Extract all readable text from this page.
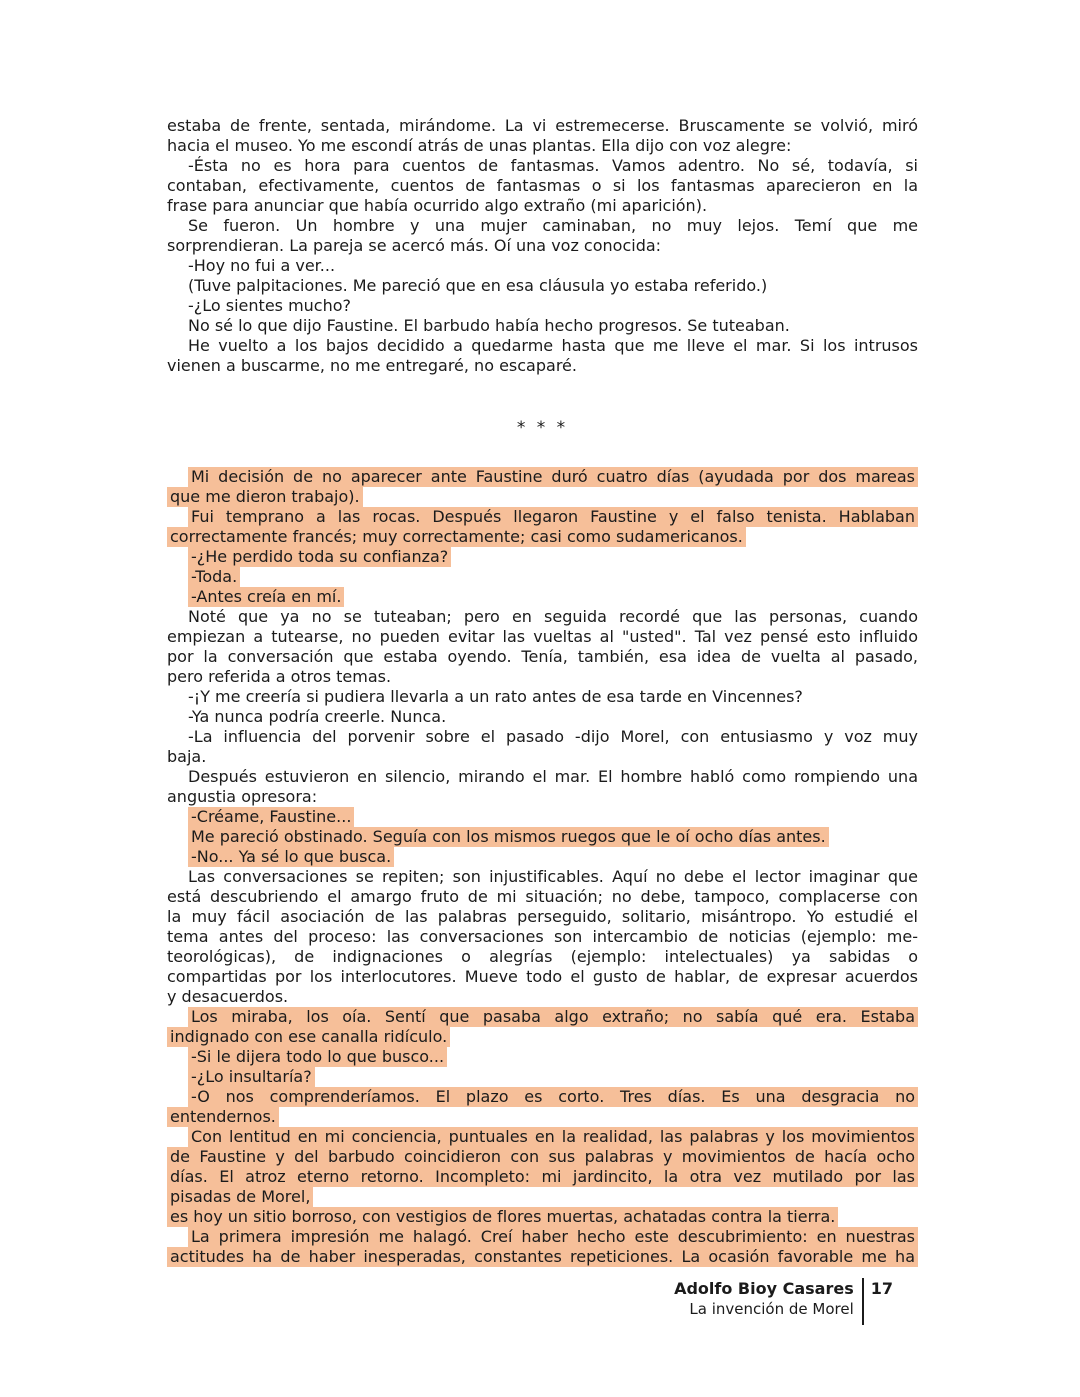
estaba de frente, sentada, mirándome. La vi estremecerse. Bruscamente se volvió, miró
hacia el museo. Yo me escondí atrás de unas plantas. Ella dijo con voz alegre:
-Ésta no es hora para cuentos de fantasmas. Vamos adentro. No sé, todavía, si
contaban, efectivamente, cuentos de fantasmas o si los fantasmas aparecieron en la
frase para anunciar que había ocurrido algo extraño (mi aparición).
Se fueron. Un hombre y una mujer caminaban, no muy lejos. Temí que me
sorprendieran. La pareja se acercó más. Oí una voz conocida:
-Hoy no fui a ver...
(Tuve palpitaciones. Me pareció que en esa cláusula yo estaba referido.)
-¿Lo sientes mucho?
No sé lo que dijo Faustine. El barbudo había hecho progresos. Se tuteaban.
He vuelto a los bajos decidido a quedarme hasta que me lleve el mar. Si los intrusos
vienen a buscarme, no me entregaré, no escaparé.
* * *
Mi decisión de no aparecer ante Faustine duró cuatro días (ayudada por dos mareas
que me dieron trabajo).
Fui temprano a las rocas. Después llegaron Faustine y el falso tenista. Hablaban
correctamente francés; muy correctamente; casi como sudamericanos.
-¿He perdido toda su confianza?
-Toda.
-Antes creía en mí.
Noté que ya no se tuteaban; pero en seguida recordé que las personas, cuando
empiezan a tutearse, no pueden evitar las vueltas al "usted". Tal vez pensé esto influido
por la conversación que estaba oyendo. Tenía, también, esa idea de vuelta al pasado,
pero referida a otros temas.
-¡Y me creería si pudiera llevarla a un rato antes de esa tarde en Vincennes?
-Ya nunca podría creerle. Nunca.
-La influencia del porvenir sobre el pasado -dijo Morel, con entusiasmo y voz muy
baja.
Después estuvieron en silencio, mirando el mar. El hombre habló como rompiendo una
angustia opresora:
-Créame, Faustine...
Me pareció obstinado. Seguía con los mismos ruegos que le oí ocho días antes.
-No... Ya sé lo que busca.
Las conversaciones se repiten; son injustificables. Aquí no debe el lector imaginar que
está descubriendo el amargo fruto de mi situación; no debe, tampoco, complacerse con
la muy fácil asociación de las palabras perseguido, solitario, misántropo. Yo estudié el
tema antes del proceso: las conversaciones son intercambio de noticias (ejemplo: me-
teorológicas), de indignaciones o alegrías (ejemplo: intelectuales) ya sabidas o
compartidas por los interlocutores. Mueve todo el gusto de hablar, de expresar acuerdos
y desacuerdos.
Los miraba, los oía. Sentí que pasaba algo extraño; no sabía qué era. Estaba
indignado con ese canalla ridículo.
-Si le dijera todo lo que busco...
-¿Lo insultaría?
-O nos comprenderíamos. El plazo es corto. Tres días. Es una desgracia no
entendernos.
Con lentitud en mi conciencia, puntuales en la realidad, las palabras y los movimientos
de Faustine y del barbudo coincidieron con sus palabras y movimientos de hacía ocho
días. El atroz eterno retorno. Incompleto: mi jardincito, la otra vez mutilado por las
pisadas de Morel,
es hoy un sitio borroso, con vestigios de flores muertas, achatadas contra la tierra.
La primera impresión me halagó. Creí haber hecho este descubrimiento: en nuestras
actitudes ha de haber inesperadas, constantes repeticiones. La ocasión favorable me ha
Adolfo Bioy Casares
La invención de Morel
17
